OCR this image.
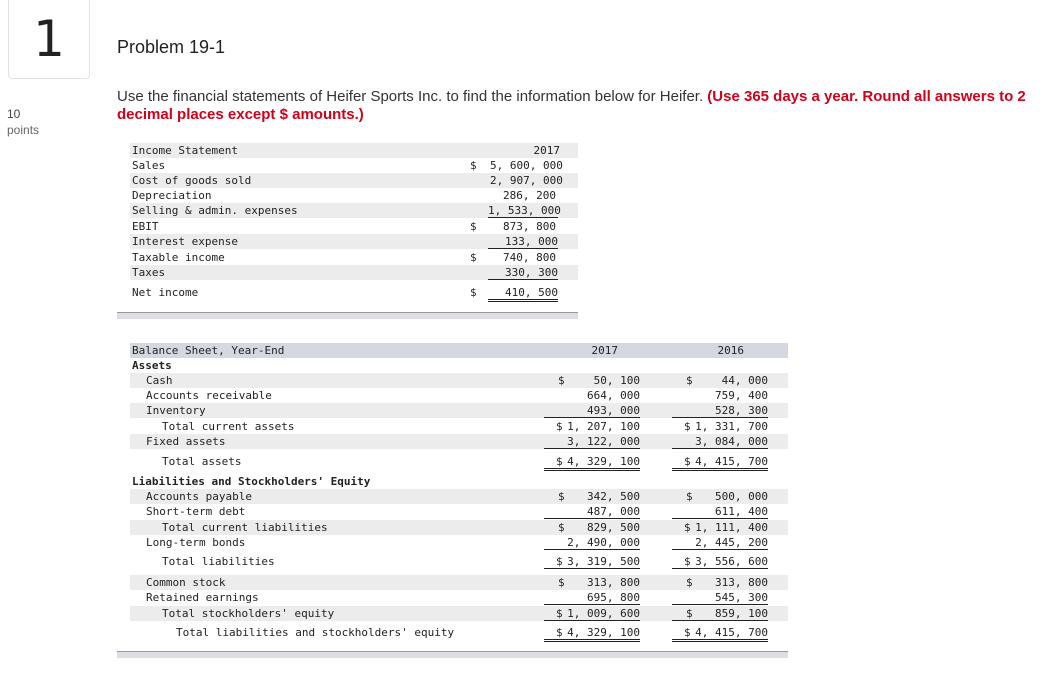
1
10
points
Problem 19-1
Use the financial statements of Heifer Sports Inc. to find the information below for Heifer. (Use 365 days a year. Round all answers to 2 decimal places except $ amounts.)
Income Statement	2017
Sales	$ 5, 600, 000
Cost of goods sold	2, 907, 000
Depreciation	286, 200
Selling & admin. expenses	1, 533, 000
EBIT	$	873, 800
Interest expense	133, 000
Taxable income	$	740, 800
Taxes	330, 300
Net income	$	410, 500
Balance Sheet, Year-End	2017	2016
Assets
Cash	$	50, 100	$	44, 000
Accounts receivable	664, 000	759, 400
Inventory	493, 000	528, 300
Total current assets	$ 1, 207, 100	$ 1, 331, 700
Fixed assets	3, 122, 000	3, 084, 000
Total assets	$ 4, 329, 100	$ 4, 415, 700
Liabilities and Stockholders' Equity
Accounts payable	$	342, 500	$	500, 000
Short-term debt	487, 000	611, 400
Total current liabilities	$	829, 500	$ 1, 111, 400
Long-term bonds	2, 490, 000	2, 445, 200
Total liabilities	$ 3, 319, 500	$ 3, 556, 600
Common stock	$	313, 800	$	313, 800
Retained earnings	695, 800	545, 300
Total stockholders' equity	$ 1, 009, 600	$	859, 100
Total liabilities and stockholders' equity	$ 4, 329, 100	$ 4, 415, 700
